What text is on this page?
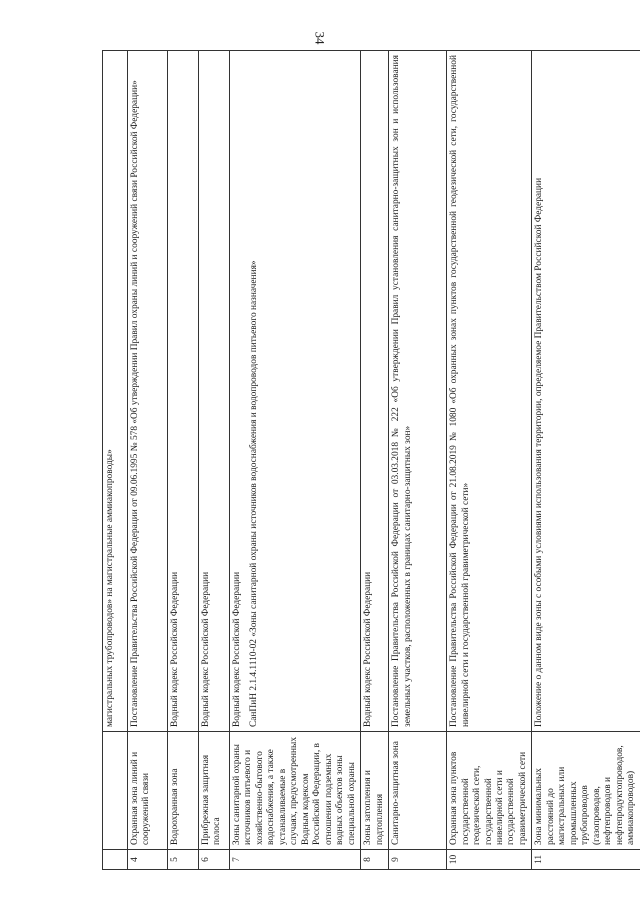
34
		магистральных трубопроводов» на магистральные аммиакопроводы»
4	Охранная зона линий и сооружений связи	Постановление Правительства Российской Федерации от 09.06.1995 № 578 «Об утверждении Правил охраны линий и сооружений связи Российской Федерации»

5	Водоохранная зона	Водный кодекс Российской Федерации

6	Прибрежная защитная полоса	Водный кодекс Российской Федерации

7	Зоны санитарной охраны источников питьевого и хозяйственно-бытового водоснабжения, а также устанавливаемые в случаях, предусмотренных Водным кодексом Российской Федерации, в отношении подземных водных объектов зоны специальной охраны	Водный кодекс Российской Федерации СанПиН 2.1.4.1110-02 «Зоны санитарной охраны источников водоснабжения и водопроводов питьевого назначения»

8	Зоны затопления и подтопления	Водный кодекс Российской Федерации

9	Санитарно-защитная зона	Постановление Правительства Российской Федерации от 03.03.2018 № 222 «Об утверждении Правил установления санитарно-защитных зон и использования земельных участков, расположенных в границах санитарно-защитных зон»

10	Охранная зона пунктов государственной геодезической сети, государственной нивелирной сети и государственной гравиметрической сети	Постановление Правительства Российской Федерации от 21.08.2019 № 1080 «Об охранных зонах пунктов государственной геодезической сети, государственной нивелирной сети и государственной гравиметрической сети»

11	Зона минимальных расстояний до магистральных или промышленных трубопроводов (газопроводов, нефтепроводов и нефтепродуктопроводов, аммиакопроводов)	Положение о данном виде зоны с особыми условиями использования территории, определяемое Правительством Российской Федерации
